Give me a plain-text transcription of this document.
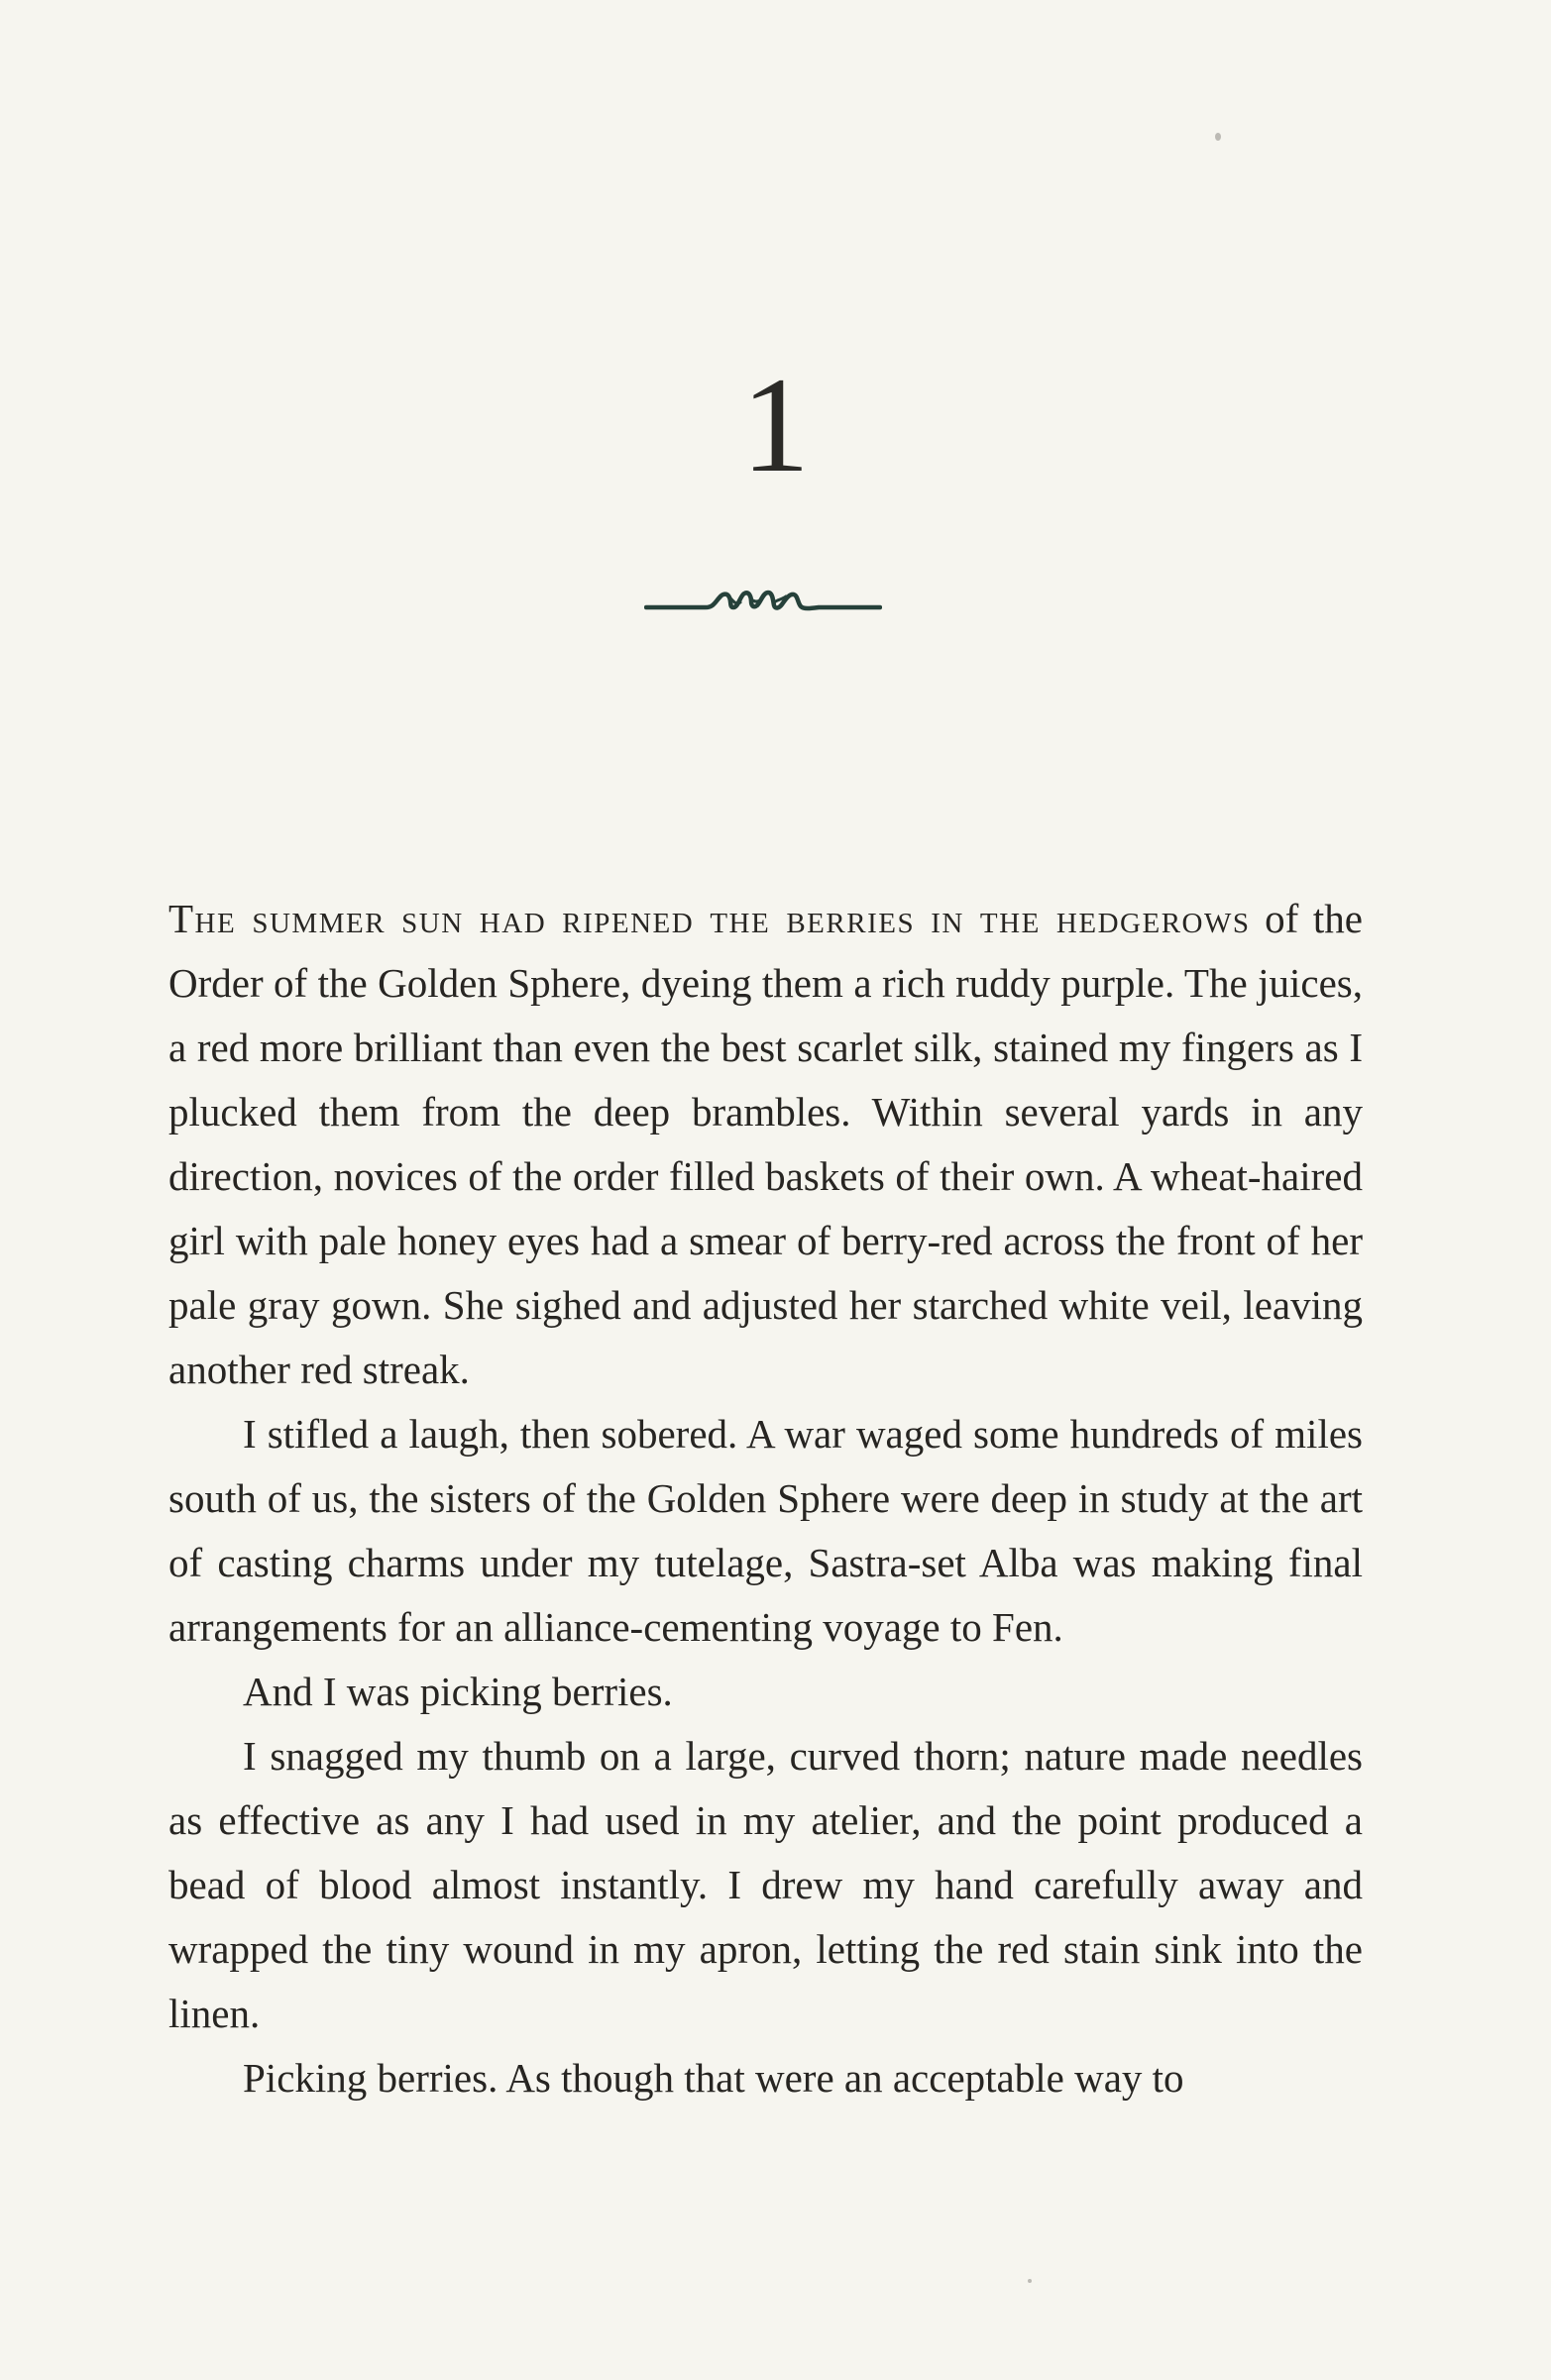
1

The summer sun had ripened the berries in the hedgerows of the Order of the Golden Sphere, dyeing them a rich ruddy purple. The juices, a red more brilliant than even the best scarlet silk, stained my fingers as I plucked them from the deep brambles. Within several yards in any direction, novices of the order filled baskets of their own. A wheat-haired girl with pale honey eyes had a smear of berry-red across the front of her pale gray gown. She sighed and adjusted her starched white veil, leaving another red streak.

I stifled a laugh, then sobered. A war waged some hundreds of miles south of us, the sisters of the Golden Sphere were deep in study at the art of casting charms under my tutelage, Sastra-set Alba was making final arrangements for an alliance-cementing voyage to Fen.

And I was picking berries.

I snagged my thumb on a large, curved thorn; nature made needles as effective as any I had used in my atelier, and the point produced a bead of blood almost instantly. I drew my hand carefully away and wrapped the tiny wound in my apron, letting the red stain sink into the linen.

Picking berries. As though that were an acceptable way to
